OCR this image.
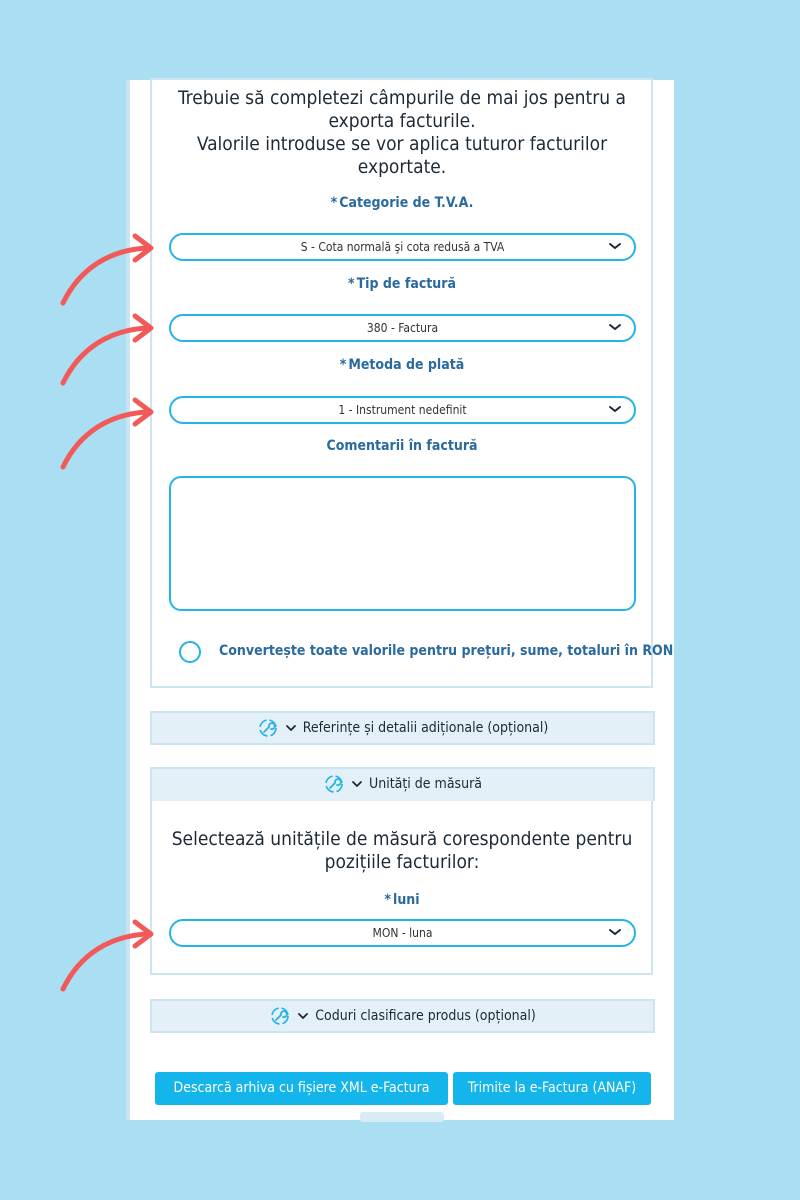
Trebuie să completezi câmpurile de mai jos pentru a
exporta facturile.
Valorile introduse se vor aplica tuturor facturilor
exportate.
* Categorie de T.V.A.
S - Cota normală şi cota redusă a TVA
* Tip de factură
380 - Factura
* Metoda de plată
1 - Instrument nedefinit
Comentarii în factură
Convertește toate valorile pentru prețuri, sume, totaluri în RON
Referințe și detalii adiționale (opțional)
Unități de măsură
Selectează unitățile de măsură corespondente pentru
pozițiile facturilor:
* luni
MON - luna
Coduri clasificare produs (opțional)
Descarcă arhiva cu fișiere XML e-Factura	Trimite la e-Factura (ANAF)
